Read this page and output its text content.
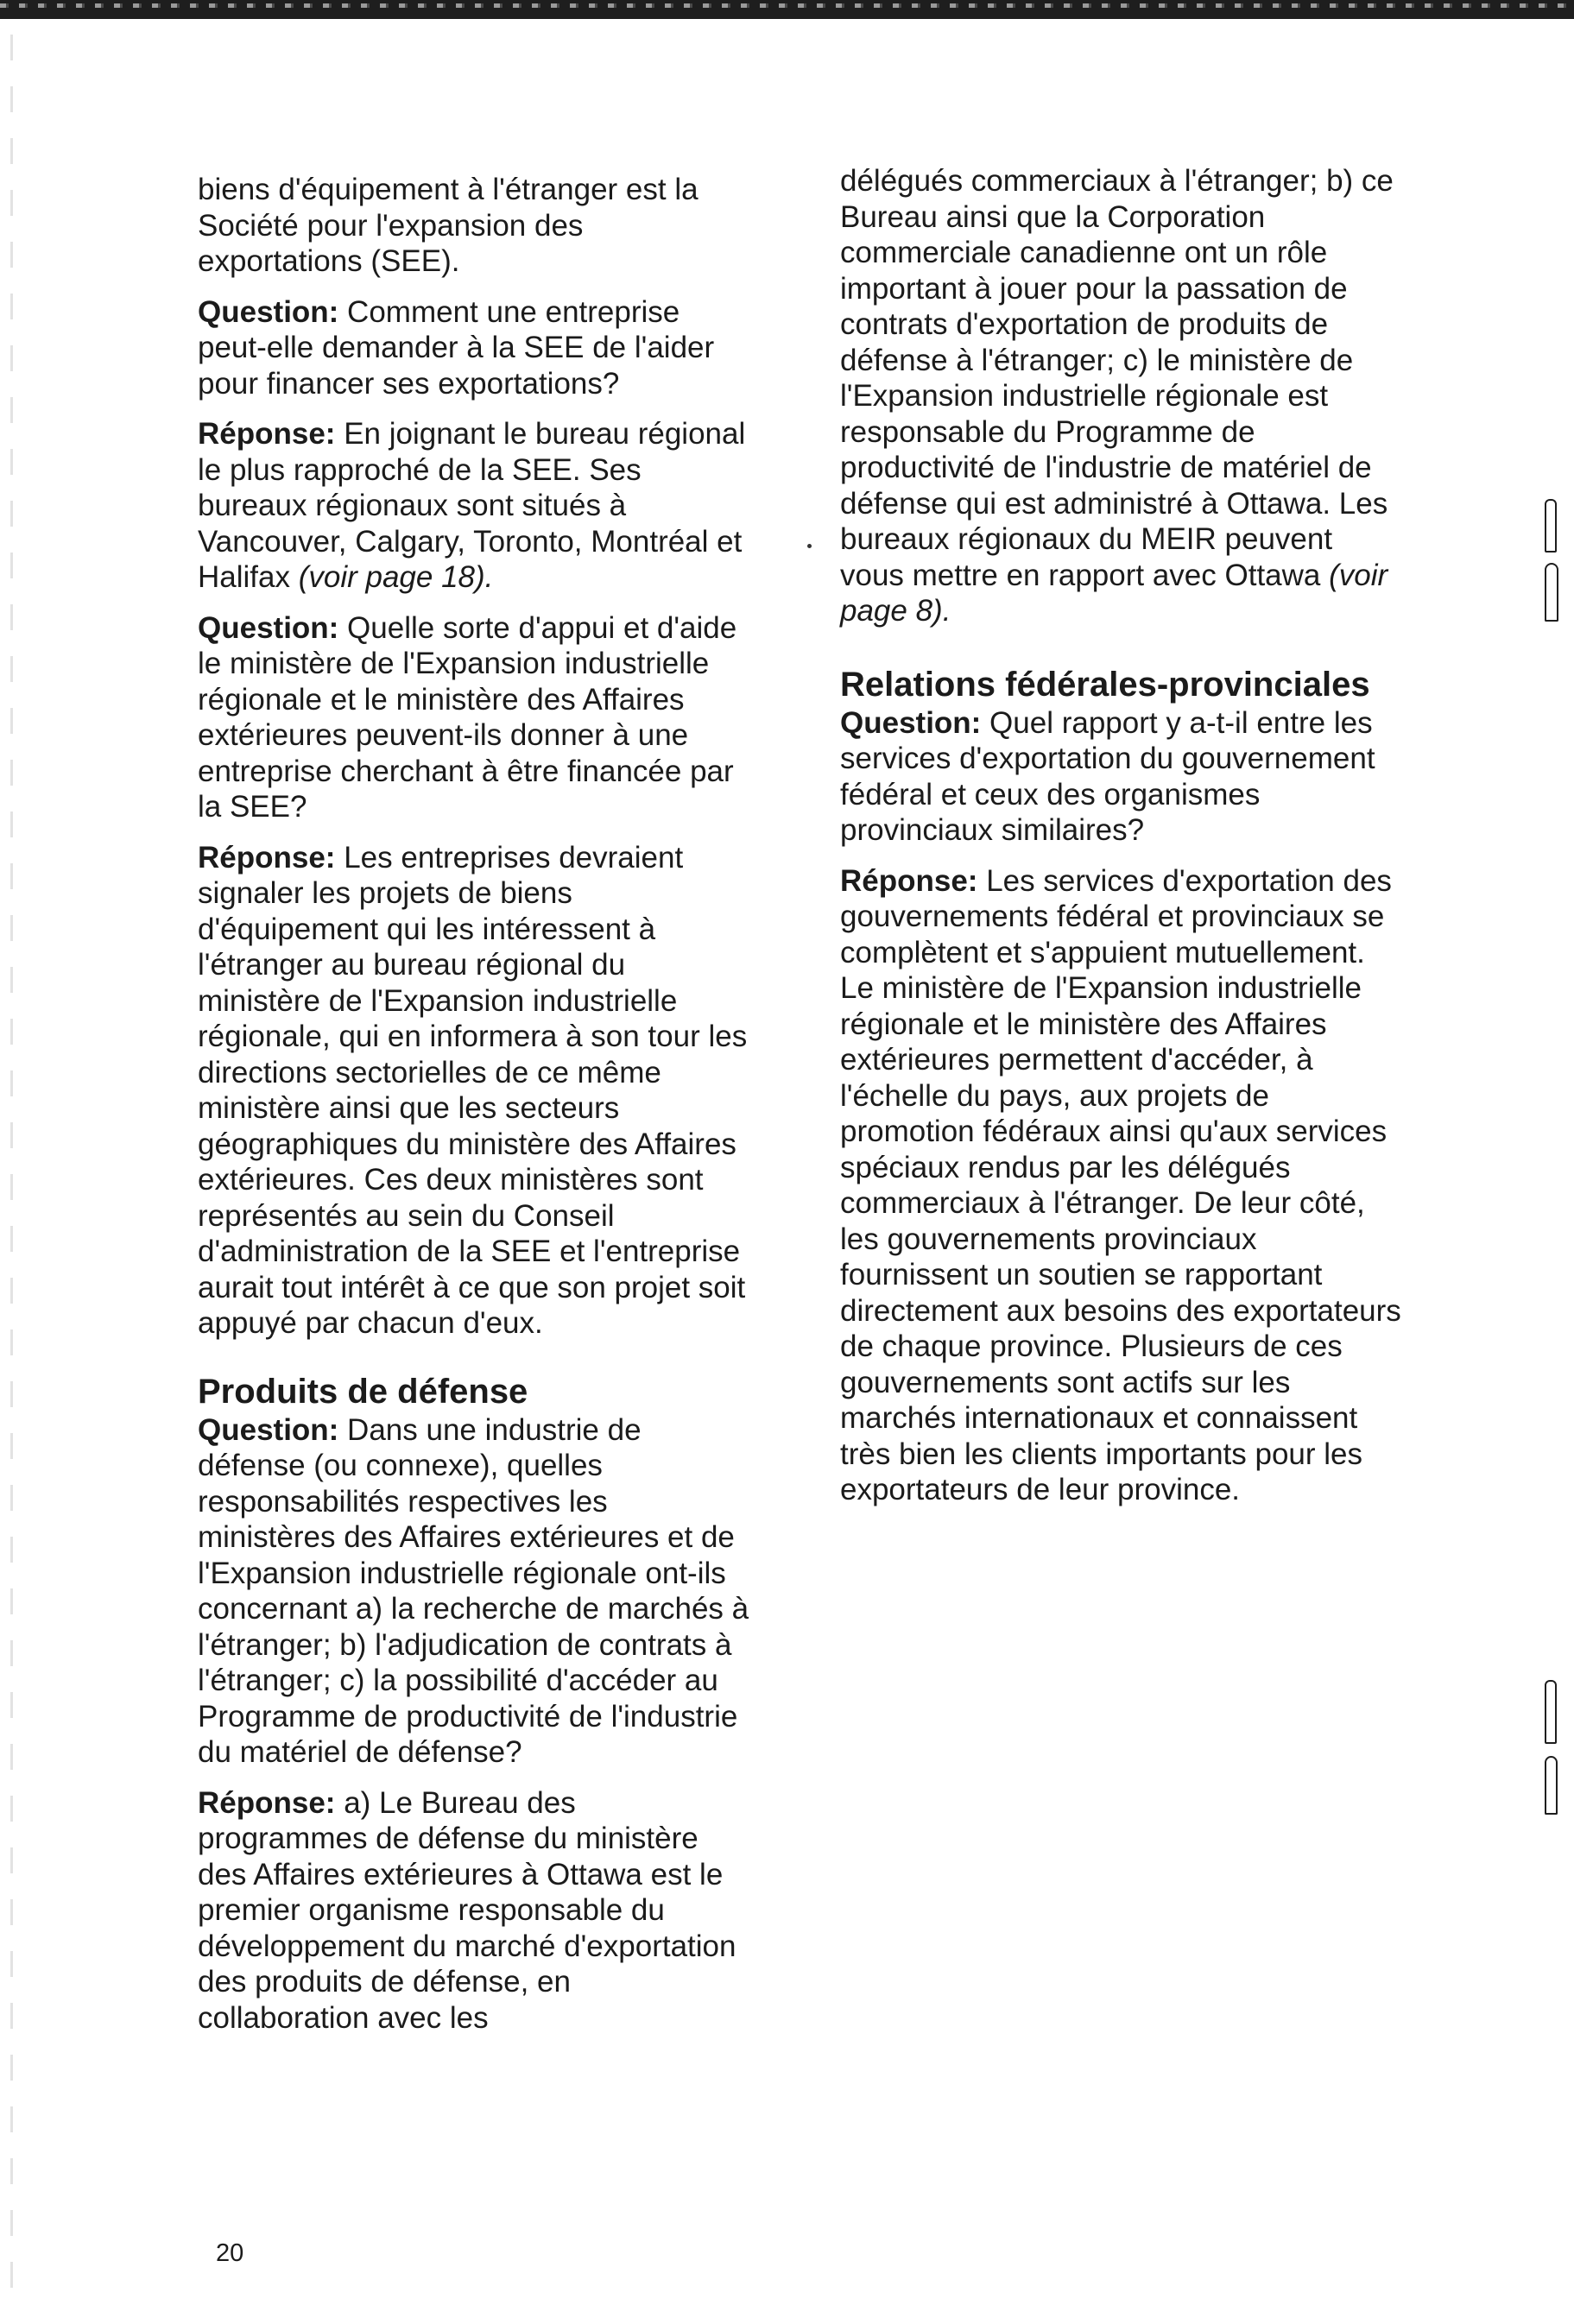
biens d'équipement à l'étranger est la Société pour l'expansion des exportations (SEE).

Question: Comment une entreprise peut-elle demander à la SEE de l'aider pour financer ses exportations?

Réponse: En joignant le bureau régional le plus rapproché de la SEE. Ses bureaux régionaux sont situés à Vancouver, Calgary, Toronto, Montréal et Halifax (voir page 18).

Question: Quelle sorte d'appui et d'aide le ministère de l'Expansion industrielle régionale et le ministère des Affaires extérieures peuvent-ils donner à une entreprise cherchant à être financée par la SEE?

Réponse: Les entreprises devraient signaler les projets de biens d'équipement qui les intéressent à l'étranger au bureau régional du ministère de l'Expansion industrielle régionale, qui en informera à son tour les directions sectorielles de ce même ministère ainsi que les secteurs géographiques du ministère des Affaires extérieures. Ces deux ministères sont représentés au sein du Conseil d'administration de la SEE et l'entreprise aurait tout intérêt à ce que son projet soit appuyé par chacun d'eux.

Produits de défense

Question: Dans une industrie de défense (ou connexe), quelles responsabilités respectives les ministères des Affaires extérieures et de l'Expansion industrielle régionale ont-ils concernant a) la recherche de marchés à l'étranger; b) l'adjudication de contrats à l'étranger; c) la possibilité d'accéder au Programme de productivité de l'industrie du matériel de défense?

Réponse: a) Le Bureau des programmes de défense du ministère des Affaires extérieures à Ottawa est le premier organisme responsable du développement du marché d'exportation des produits de défense, en collaboration avec les

délégués commerciaux à l'étranger; b) ce Bureau ainsi que la Corporation commerciale canadienne ont un rôle important à jouer pour la passation de contrats d'exportation de produits de défense à l'étranger; c) le ministère de l'Expansion industrielle régionale est responsable du Programme de productivité de l'industrie de matériel de défense qui est administré à Ottawa. Les bureaux régionaux du MEIR peuvent vous mettre en rapport avec Ottawa (voir page 8).

Relations fédérales-provinciales

Question: Quel rapport y a-t-il entre les services d'exportation du gouvernement fédéral et ceux des organismes provinciaux similaires?

Réponse: Les services d'exportation des gouvernements fédéral et provinciaux se complètent et s'appuient mutuellement. Le ministère de l'Expansion industrielle régionale et le ministère des Affaires extérieures permettent d'accéder, à l'échelle du pays, aux projets de promotion fédéraux ainsi qu'aux services spéciaux rendus par les délégués commerciaux à l'étranger. De leur côté, les gouvernements provinciaux fournissent un soutien se rapportant directement aux besoins des exportateurs de chaque province. Plusieurs de ces gouvernements sont actifs sur les marchés internationaux et connaissent très bien les clients importants pour les exportateurs de leur province.

20
